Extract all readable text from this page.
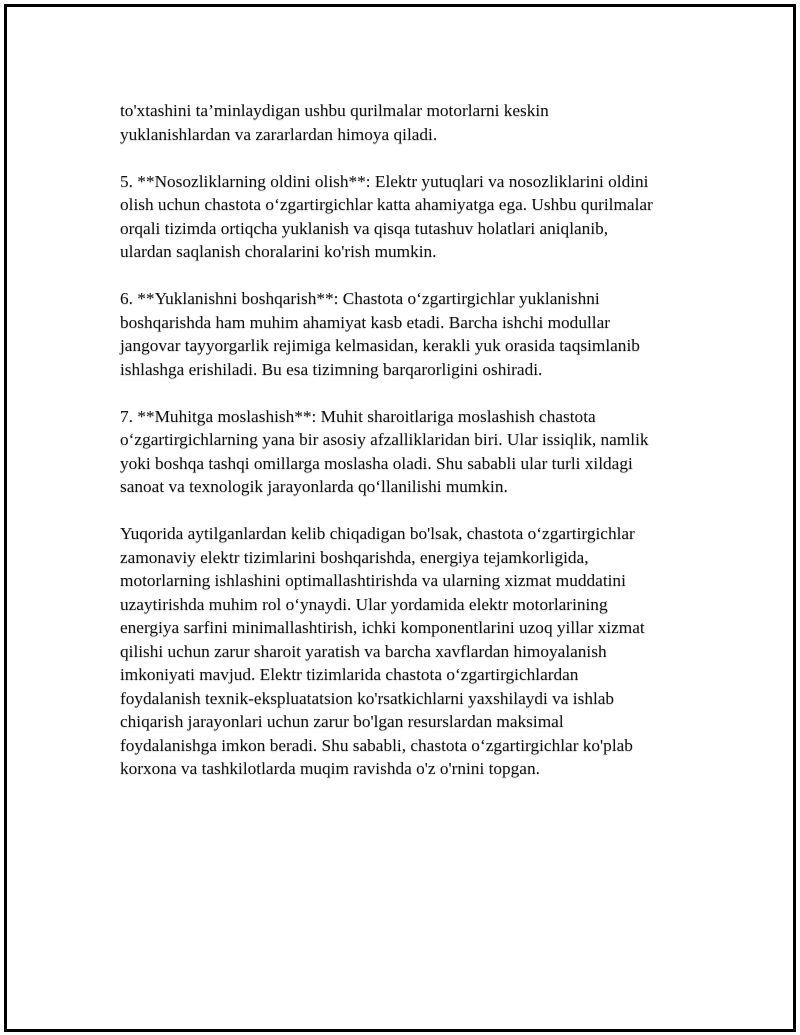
to'xtashini ta’minlaydigan ushbu qurilmalar motorlarni keskin
yuklanishlardan va zararlardan himoya qiladi.

5. **Nosozliklarning oldini olish**: Elektr yutuqlari va nosozliklarini oldini
olish uchun chastota o‘zgartirgichlar katta ahamiyatga ega. Ushbu qurilmalar
orqali tizimda ortiqcha yuklanish va qisqa tutashuv holatlari aniqlanib,
ulardan saqlanish choralarini ko'rish mumkin.

6. **Yuklanishni boshqarish**: Chastota o‘zgartirgichlar yuklanishni
boshqarishda ham muhim ahamiyat kasb etadi. Barcha ishchi modullar
jangovar tayyorgarlik rejimiga kelmasidan, kerakli yuk orasida taqsimlanib
ishlashga erishiladi. Bu esa tizimning barqarorligini oshiradi.

7. **Muhitga moslashish**: Muhit sharoitlariga moslashish chastota
o‘zgartirgichlarning yana bir asosiy afzalliklaridan biri. Ular issiqlik, namlik
yoki boshqa tashqi omillarga moslasha oladi. Shu sababli ular turli xildagi
sanoat va texnologik jarayonlarda qo‘llanilishi mumkin.

Yuqorida aytilganlardan kelib chiqadigan bo'lsak, chastota o‘zgartirgichlar
zamonaviy elektr tizimlarini boshqarishda, energiya tejamkorligida,
motorlarning ishlashini optimallashtirishda va ularning xizmat muddatini
uzaytirishda muhim rol o‘ynaydi. Ular yordamida elektr motorlarining
energiya sarfini minimallashtirish, ichki komponentlarini uzoq yillar xizmat
qilishi uchun zarur sharoit yaratish va barcha xavflardan himoyalanish
imkoniyati mavjud. Elektr tizimlarida chastota o‘zgartirgichlardan
foydalanish texnik-ekspluatatsion ko'rsatkichlarni yaxshilaydi va ishlab
chiqarish jarayonlari uchun zarur bo'lgan resurslardan maksimal
foydalanishga imkon beradi. Shu sababli, chastota o‘zgartirgichlar ko'plab
korxona va tashkilotlarda muqim ravishda o'z o'rnini topgan.
